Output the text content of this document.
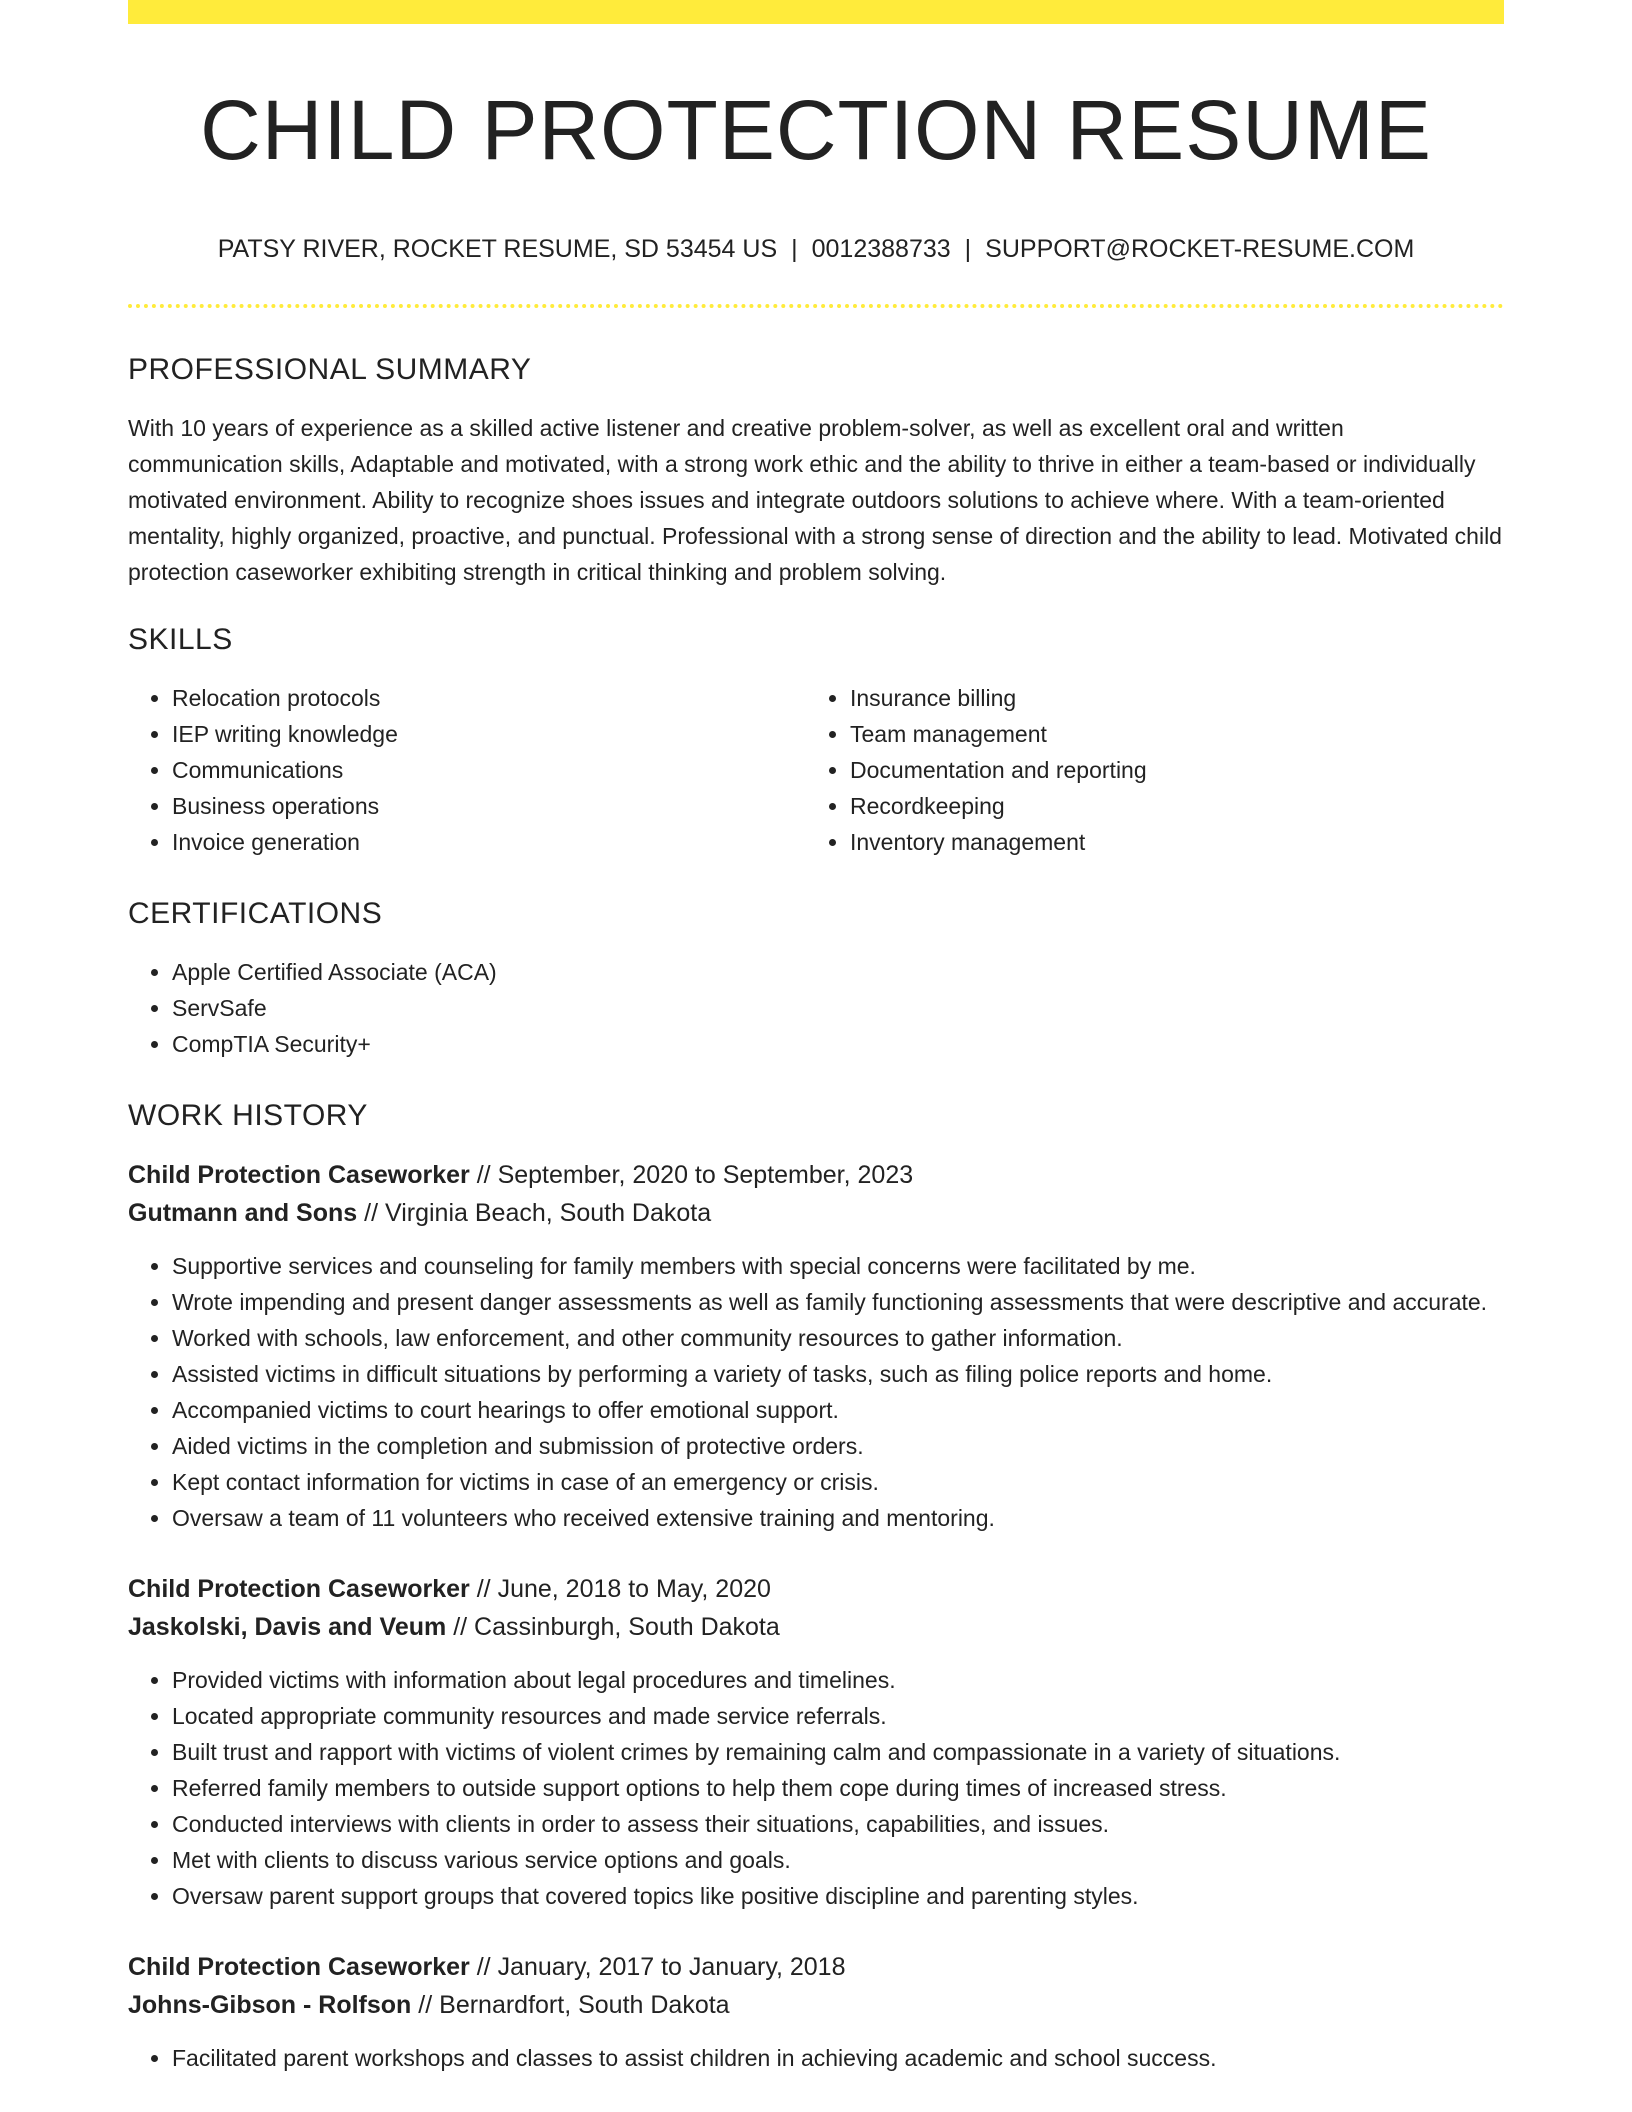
CHILD PROTECTION RESUME
PATSY RIVER, ROCKET RESUME, SD 53454 US | 0012388733 | SUPPORT@ROCKET-RESUME.COM
PROFESSIONAL SUMMARY

With 10 years of experience as a skilled active listener and creative problem-solver, as well as excellent oral and written communication skills, Adaptable and motivated, with a strong work ethic and the ability to thrive in either a team-based or individually motivated environment. Ability to recognize shoes issues and integrate outdoors solutions to achieve where. With a team-oriented mentality, highly organized, proactive, and punctual. Professional with a strong sense of direction and the ability to lead. Motivated child protection caseworker exhibiting strength in critical thinking and problem solving.

SKILLS
• Relocation protocols
• IEP writing knowledge
• Communications
• Business operations
• Invoice generation
• Insurance billing
• Team management
• Documentation and reporting
• Recordkeeping
• Inventory management
CERTIFICATIONS
• Apple Certified Associate (ACA)
• ServSafe
• CompTIA Security+
WORK HISTORY
Child Protection Caseworker // September, 2020 to September, 2023
Gutmann and Sons // Virginia Beach, South Dakota
• Supportive services and counseling for family members with special concerns were facilitated by me.
• Wrote impending and present danger assessments as well as family functioning assessments that were descriptive and accurate.
• Worked with schools, law enforcement, and other community resources to gather information.
• Assisted victims in difficult situations by performing a variety of tasks, such as filing police reports and home.
• Accompanied victims to court hearings to offer emotional support.
• Aided victims in the completion and submission of protective orders.
• Kept contact information for victims in case of an emergency or crisis.
• Oversaw a team of 11 volunteers who received extensive training and mentoring.
Child Protection Caseworker // June, 2018 to May, 2020
Jaskolski, Davis and Veum // Cassinburgh, South Dakota
• Provided victims with information about legal procedures and timelines.
• Located appropriate community resources and made service referrals.
• Built trust and rapport with victims of violent crimes by remaining calm and compassionate in a variety of situations.
• Referred family members to outside support options to help them cope during times of increased stress.
• Conducted interviews with clients in order to assess their situations, capabilities, and issues.
• Met with clients to discuss various service options and goals.
• Oversaw parent support groups that covered topics like positive discipline and parenting styles.
Child Protection Caseworker // January, 2017 to January, 2018
Johns-Gibson - Rolfson // Bernardfort, South Dakota
• Facilitated parent workshops and classes to assist children in achieving academic and school success.
